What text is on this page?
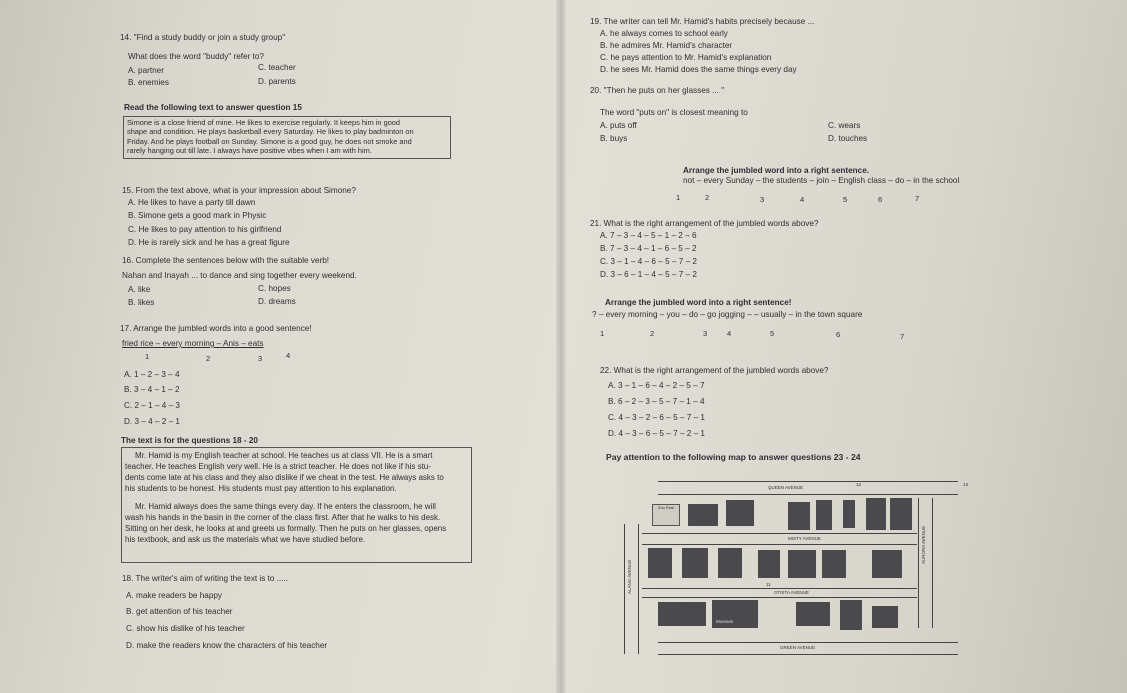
14. "Find a study buddy or join a study group"
What does the word "buddy" refer to?
A. partner
B. enemies
C. teacher
D. parents
Read the following text to answer question 15
Simone is a close friend of mine. He likes to exercise regularly. It keeps him in good
shape and condition. He plays basketball every Saturday. He likes to play badminton on
Friday. And he plays football on Sunday. Simone is a good guy, he does not smoke and
rarely hanging out till late. I always have positive vibes when I am with him.
15. From the text above, what is your impression about Simone?
A. He likes to have a party till dawn
B. Simone gets a good mark in Physic
C. He likes to pay attention to his girlfriend
D. He is rarely sick and he has a great figure
16. Complete the sentences below with the suitable verb!
Nahan and Inayah ... to dance and sing together every weekend.
A. like
B. likes
C. hopes
D. dreams
17. Arrange the jumbled words into a good sentence!
fried rice – every morning – Anis – eats
1	2	3	4
A. 1 – 2 – 3 – 4
B. 3 – 4 – 1 – 2
C. 2 – 1 – 4 – 3
D. 3 – 4 – 2 – 1
The text is for the questions 18 - 20
Mr. Hamid is my English teacher at school. He teaches us at class VII. He is a smart
teacher. He teaches English very well. He is a strict teacher. He does not like if his stu-
dents come late at his class and they also dislike if we cheat in the test. He always asks to
his students to be honest. His students must pay attention to his explanation.
Mr. Hamid always does the same things every day. If he enters the classroom, he will
wash his hands in the basin in the corner of the class first. After that he walks to his desk.
Sitting on her desk, he looks at and greets us formally. Then he puts on her glasses, opens
his textbook, and ask us the materials what we have studied before.
18. The writer's aim of writing the text is to .....
A. make readers be happy
B. get attention of his teacher
C. show his dislike of his teacher
D. make the readers know the characters of his teacher
19. The writer can tell Mr. Hamid's habits precisely because ...
A. he always comes to school early
B. he admires Mr. Hamid's character
C. he pays attention to Mr. Hamid's explanation
D. he sees Mr. Hamid does the same things every day
20. "Then he puts on her glasses ... "
The word "puts on" is closest meaning to
A. puts off
B. buys
C. wears
D. touches
Arrange the jumbled word into a right sentence.
not – every Sunday – the students – join – English class – do – in the school
1	2	3	4	5	6	7
21. What is the right arrangement of the jumbled words above?
A. 7 – 3 – 4 – 5 – 1 – 2 – 6
B. 7 – 3 – 4 – 1 – 6 – 5 – 2
C. 3 – 1 – 4 – 6 – 5 – 7 – 2
D. 3 – 6 – 1 – 4 – 5 – 7 – 2
Arrange the jumbled word into a right sentence!
? – every morning – you – do – go jogging – – usually – in the town square
1	2	3	4	5	6	7
22. What is the right arrangement of the jumbled words above?
A. 3 – 1 – 6 – 4 – 2 – 5 – 7
B. 6 – 2 – 3 – 5 – 7 – 1 – 4
C. 4 – 3 – 2 – 6 – 5 – 7 – 1
D. 4 – 3 – 6 – 5 – 7 – 2 – 1
Pay attention to the following map to answer questions 23 - 24
QUEEN AVENUE
13
ALANG AVENUE
AURORA AVENUE
Zoo Park
12
MISTY AVENUE
11
OTISTA AVENUE
Museum
GREEN AVENUE
